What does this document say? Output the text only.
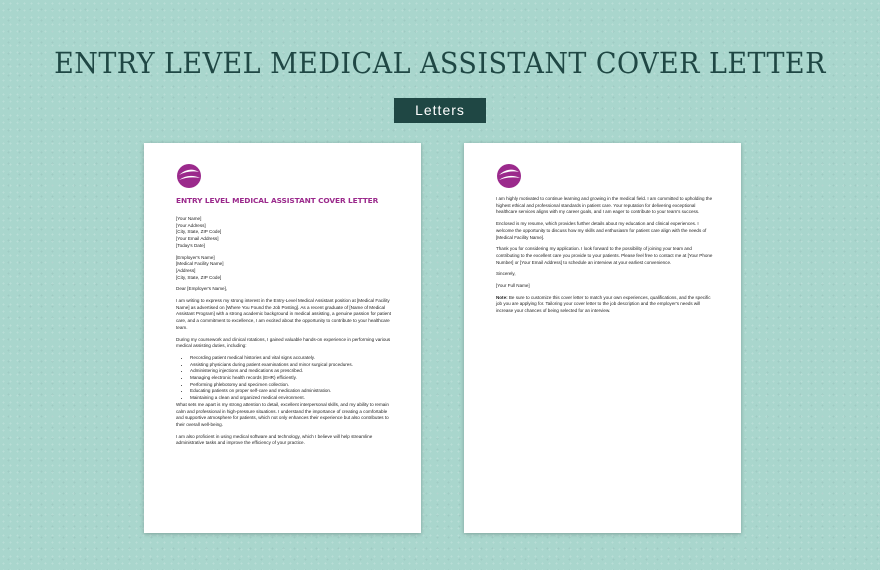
ENTRY LEVEL MEDICAL ASSISTANT COVER LETTER
Letters
ENTRY LEVEL MEDICAL ASSISTANT COVER LETTER
[Your Name]
[Your Address]
[City, State, ZIP Code]
[Your Email Address]
[Today's Date]
[Employer's Name]
[Medical Facility Name]
[Address]
[City, State, ZIP Code]
Dear [Employer's Name],
I am writing to express my strong interest in the Entry-Level Medical Assistant position at [Medical Facility Name] as advertised on [Where You Found the Job Posting]. As a recent graduate of [Name of Medical Assistant Program] with a strong academic background in medical assisting, a genuine passion for patient care, and a commitment to excellence, I am excited about the opportunity to contribute to your healthcare team.
During my coursework and clinical rotations, I gained valuable hands-on experience in performing various medical assisting duties, including:
• Recording patient medical histories and vital signs accurately.
• Assisting physicians during patient examinations and minor surgical procedures.
• Administering injections and medications as prescribed.
• Managing electronic health records (EHR) efficiently.
• Performing phlebotomy and specimen collection.
• Educating patients on proper self-care and medication administration.
• Maintaining a clean and organized medical environment.
What sets me apart is my strong attention to detail, excellent interpersonal skills, and my ability to remain calm and professional in high-pressure situations. I understand the importance of creating a comfortable and supportive atmosphere for patients, which not only enhances their experience but also contributes to their overall well-being.
I am also proficient in using medical software and technology, which I believe will help streamline administrative tasks and improve the efficiency of your practice.
I am highly motivated to continue learning and growing in the medical field. I am committed to upholding the highest ethical and professional standards in patient care. Your reputation for delivering exceptional healthcare services aligns with my career goals, and I am eager to contribute to your team's success.
Enclosed is my resume, which provides further details about my education and clinical experiences. I welcome the opportunity to discuss how my skills and enthusiasm for patient care align with the needs of [Medical Facility Name].
Thank you for considering my application. I look forward to the possibility of joining your team and contributing to the excellent care you provide to your patients. Please feel free to contact me at [Your Phone Number] or [Your Email Address] to schedule an interview at your earliest convenience.
Sincerely,
[Your Full Name]
Note: Be sure to customize this cover letter to match your own experiences, qualifications, and the specific job you are applying for. Tailoring your cover letter to the job description and the employer's needs will increase your chances of being selected for an interview.
